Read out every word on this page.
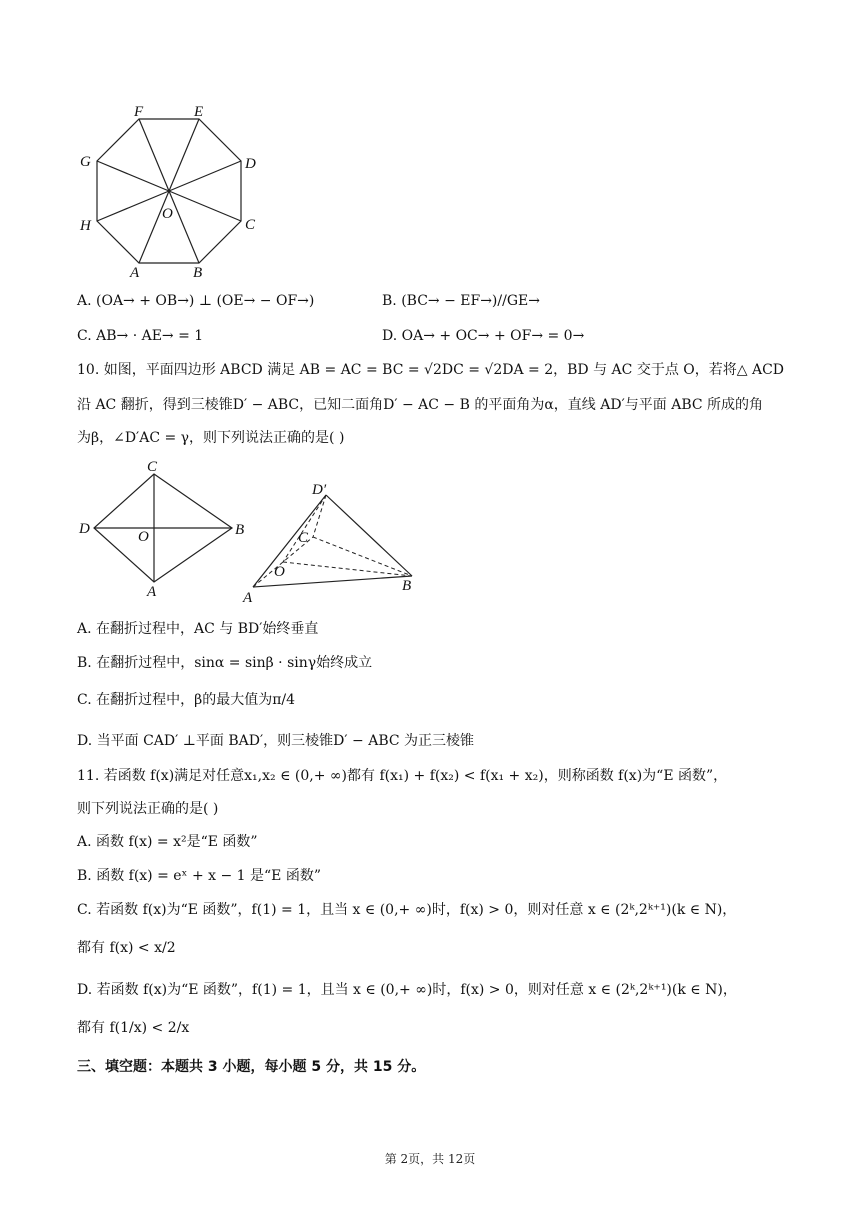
F	E
G	D
H	C
A	B
O
A. (OA→ + OB→) ⊥ (OE→ − OF→)	B. (BC→ − EF→)//GE→
C. AB→ · AE→ = 1	D. OA→ + OC→ + OF→ = 0→
10. 如图，平面四边形 ABCD 满足 AB = AC = BC = √2DC = √2DA = 2，BD 与 AC 交于点 O，若将△ ACD
沿 AC 翻折，得到三棱锥D′ − ABC，已知二面角D′ − AC − B 的平面角为α，直线 AD′与平面 ABC 所成的角
为β，∠D′AC = γ，则下列说法正确的是( )
C
D	O	B
A
D′
C
O
A
B
A. 在翻折过程中，AC 与 BD′始终垂直
B. 在翻折过程中，sinα = sinβ · sinγ始终成立
C. 在翻折过程中，β的最大值为π/4
D. 当平面 CAD′ ⊥平面 BAD′，则三棱锥D′ − ABC 为正三棱锥
11. 若函数 f(x)满足对任意x₁,x₂ ∈ (0,+ ∞)都有 f(x₁) + f(x₂) < f(x₁ + x₂)，则称函数 f(x)为“E 函数”，
则下列说法正确的是( )
A. 函数 f(x) = x²是“E 函数”
B. 函数 f(x) = eˣ + x − 1 是“E 函数”
C. 若函数 f(x)为“E 函数”，f(1) = 1，且当 x ∈ (0,+ ∞)时，f(x) > 0，则对任意 x ∈ (2ᵏ,2ᵏ⁺¹)(k ∈ N)，
都有 f(x) < x/2
D. 若函数 f(x)为“E 函数”，f(1) = 1，且当 x ∈ (0,+ ∞)时，f(x) > 0，则对任意 x ∈ (2ᵏ,2ᵏ⁺¹)(k ∈ N)，
都有 f(1/x) < 2/x
三、填空题：本题共 3 小题，每小题 5 分，共 15 分。
第 2页，共 12页
